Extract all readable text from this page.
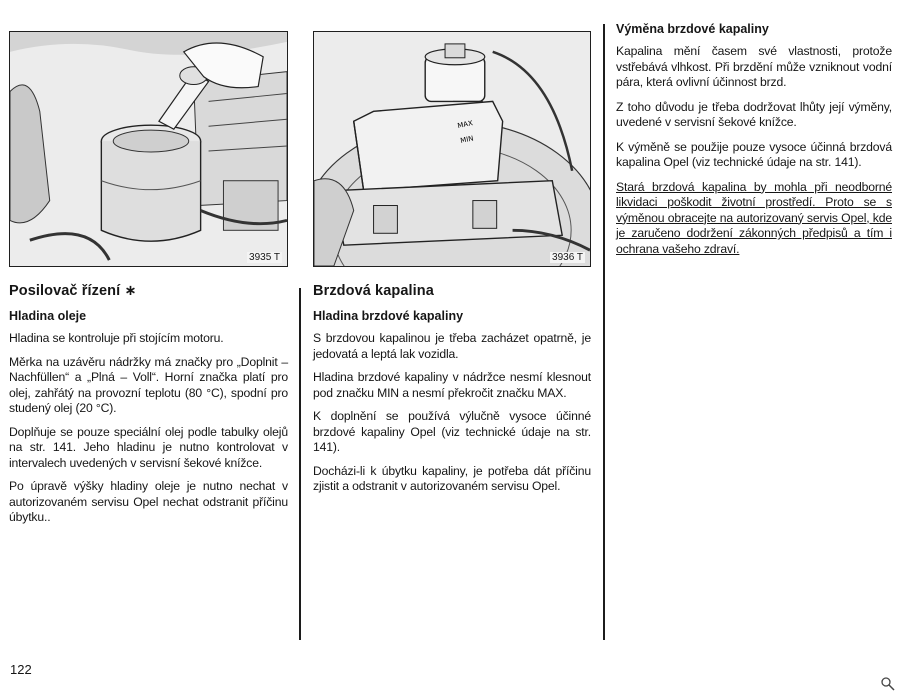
3935 T
Posilovač řízení ∗
Hladina oleje

Hladina se kontroluje při stojícím motoru.

Měrka na uzávěru nádržky má značky pro „Doplnit – Nachfüllen“ a „Plná – Voll“. Horní značka platí pro olej, zahřátý na provozní teplotu (80 °C), spodní pro studený olej (20 °C).

Doplňuje se pouze speciální olej podle tabulky olejů na str. 141. Jeho hladinu je nutno kontrolovat v intervalech uvedených v servisní šekové knížce.

Po úpravě výšky hladiny oleje je nutno nechat v autorizovaném servisu Opel nechat odstranit příčinu úbytku..

MAX
MIN
3936 T
Brzdová kapalina
Hladina brzdové kapaliny

S brzdovou kapalinou je třeba zacházet opatrně, je jedovatá a leptá lak vozidla.

Hladina brzdové kapaliny v nádržce nesmí klesnout pod značku MIN a nesmí překročit značku MAX.

K doplnění se používá výlučně vysoce účinné brzdové kapaliny Opel (viz technické údaje na str. 141).

Docházi-li k úbytku kapaliny, je potřeba dát příčinu zjistit a odstranit v autorizovaném servisu Opel.

Výměna brzdové kapaliny

Kapalina mění časem své vlastnosti, protože vstřebává vlhkost. Při brzdění může vzniknout vodní pára, která ovlivní účinnost brzd.

Z toho důvodu je třeba dodržovat lhůty její výměny, uvedené v servisní šekové knížce.

K výměně se použije pouze vysoce účinná brzdová kapalina Opel (viz technické údaje na str. 141).

Stará brzdová kapalina by mohla při neodborné likvidaci poškodit životní prostředí. Proto se s výměnou obracejte na autorizovaný servis Opel, kde je zaručeno dodržení zákonných předpisů a tím i ochrana vašeho zdraví.

122
